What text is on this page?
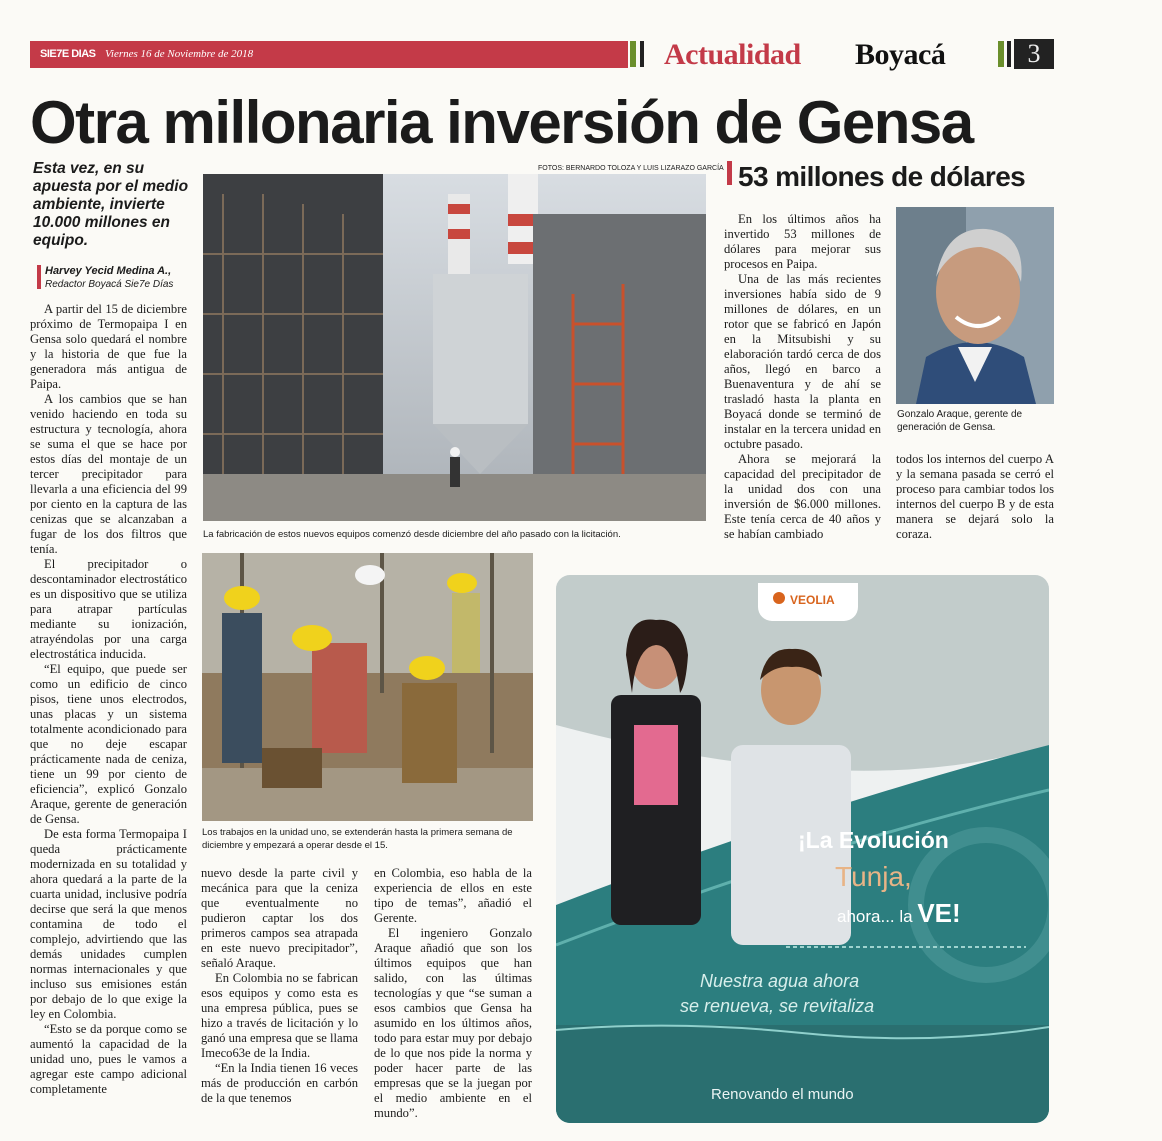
SIE7E DIAS Viernes 16 de Noviembre de 2018	Actualidad Boyacá	3
Otra millonaria inversión de Gensa
Esta vez, en su apuesta por el medio ambiente, invierte 10.000 millones en equipo.
Harvey Yecid Medina A.,
Redactor Boyacá Sie7e Días

A partir del 15 de diciembre próximo de Termopaipa I en Gensa solo quedará el nombre y la historia de que fue la generadora más antigua de Paipa.

A los cambios que se han venido haciendo en toda su estructura y tecnología, ahora se suma el que se hace por estos días del montaje de un tercer precipitador para llevarla a una eficiencia del 99 por ciento en la captura de las cenizas que se alcanzaban a fugar de los dos filtros que tenía.

El precipitador o descontaminador electrostático es un dispositivo que se utiliza para atrapar partículas mediante su ionización, atrayéndolas por una carga electrostática inducida.

“El equipo, que puede ser como un edificio de cinco pisos, tiene unos electrodos, unas placas y un sistema totalmente acondicionado para que no deje escapar prácticamente nada de ceniza, tiene un 99 por ciento de eficiencia”, explicó Gonzalo Araque, gerente de generación de Gensa.

De esta forma Termopaipa I queda prácticamente modernizada en su totalidad y ahora quedará a la parte de la cuarta unidad, inclusive podría decirse que será la que menos contamina de todo el complejo, advirtiendo que las demás unidades cumplen normas internacionales y que incluso sus emisiones están por debajo de lo que exige la ley en Colombia.

“Esto se da porque como se aumentó la capacidad de la unidad uno, pues le vamos a agregar este campo adicional completamente

FOTOS: BERNARDO TOLOZA Y LUIS LIZARAZO GARCÍA
La fabricación de estos nuevos equipos comenzó desde diciembre del año pasado con la licitación.
53 millones de dólares

En los últimos años ha invertido 53 millones de dólares para mejorar sus procesos en Paipa.

Una de las más recientes inversiones había sido de 9 millones de dólares, en un rotor que se fabricó en Japón en la Mitsubishi y su elaboración tardó cerca de dos años, llegó en barco a Buenaventura y de ahí se trasladó hasta la planta en Boyacá donde se terminó de instalar en la tercera unidad en octubre pasado.

Ahora se mejorará la capacidad del precipitador de la unidad dos con una inversión de $6.000 millones. Este tenía cerca de 40 años y se habían cambiado

Gonzalo Araque, gerente de generación de Gensa.

todos los internos del cuerpo A y la semana pasada se cerró el proceso para cambiar todos los internos del cuerpo B y de esta manera se dejará solo la coraza.

Los trabajos en la unidad uno, se extenderán hasta la primera semana de diciembre y empezará a operar desde el 15.

nuevo desde la parte civil y mecánica para que la ceniza que eventualmente no pudieron captar los dos primeros campos sea atrapada en este nuevo precipitador”, señaló Araque.

En Colombia no se fabrican esos equipos y como esta es una empresa pública, pues se hizo a través de licitación y lo ganó una empresa que se llama Imeco63e de la India.

“En la India tienen 16 veces más de producción en carbón de la que tenemos

en Colombia, eso habla de la experiencia de ellos en este tipo de temas”, añadió el Gerente.

El ingeniero Gonzalo Araque añadió que son los últimos equipos que han salido, con las últimas tecnologías y que “se suman a esos cambios que Gensa ha asumido en los últimos años, todo para estar muy por debajo de lo que nos pide la norma y poder hacer parte de las empresas que se la juegan por el medio ambiente en el mundo”.

VEOLIA
¡La Evolución
Tunja,
ahora... la VE!
Nuestra agua ahora
se renueva, se revitaliza
Renovando el mundo
